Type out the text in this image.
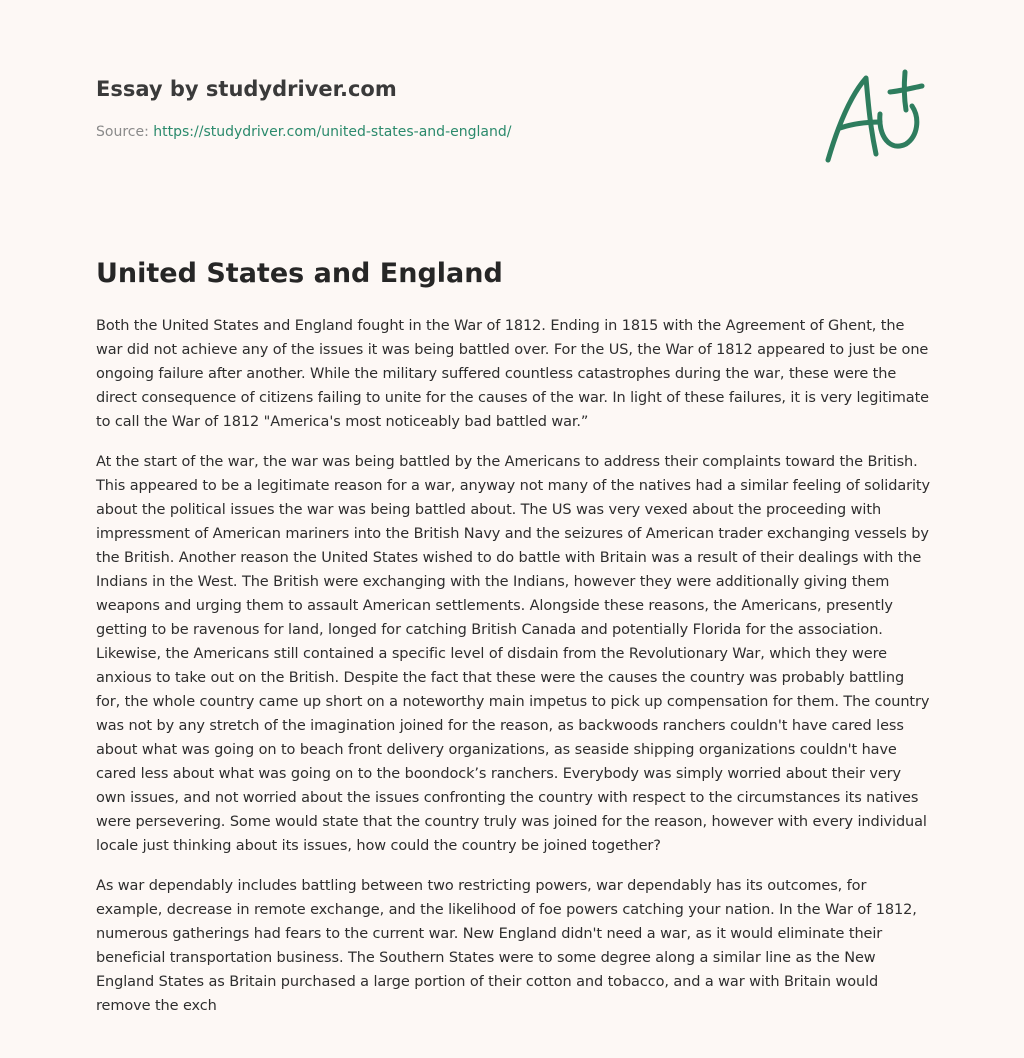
Essay by studydriver.com
Source: https://studydriver.com/united-states-and-england/
United States and England

Both the United States and England fought in the War of 1812. Ending in 1815 with the Agreement of Ghent, the war did not achieve any of the issues it was being battled over. For the US, the War of 1812 appeared to just be one ongoing failure after another. While the military suffered countless catastrophes during the war, these were the direct consequence of citizens failing to unite for the causes of the war. In light of these failures, it is very legitimate to call the War of 1812 "America's most noticeably bad battled war.”

At the start of the war, the war was being battled by the Americans to address their complaints toward the British. This appeared to be a legitimate reason for a war, anyway not many of the natives had a similar feeling of solidarity about the political issues the war was being battled about. The US was very vexed about the proceeding with impressment of American mariners into the British Navy and the seizures of American trader exchanging vessels by the British. Another reason the United States wished to do battle with Britain was a result of their dealings with the Indians in the West. The British were exchanging with the Indians, however they were additionally giving them weapons and urging them to assault American settlements. Alongside these reasons, the Americans, presently getting to be ravenous for land, longed for catching British Canada and potentially Florida for the association. Likewise, the Americans still contained a specific level of disdain from the Revolutionary War, which they were anxious to take out on the British. Despite the fact that these were the causes the country was probably battling for, the whole country came up short on a noteworthy main impetus to pick up compensation for them. The country was not by any stretch of the imagination joined for the reason, as backwoods ranchers couldn't have cared less about what was going on to beach front delivery organizations, as seaside shipping organizations couldn't have cared less about what was going on to the boondock’s ranchers. Everybody was simply worried about their very own issues, and not worried about the issues confronting the country with respect to the circumstances its natives were persevering. Some would state that the country truly was joined for the reason, however with every individual locale just thinking about its issues, how could the country be joined together?

As war dependably includes battling between two restricting powers, war dependably has its outcomes, for example, decrease in remote exchange, and the likelihood of foe powers catching your nation. In the War of 1812, numerous gatherings had fears to the current war. New England didn't need a war, as it would eliminate their beneficial transportation business. The Southern States were to some degree along a similar line as the New England States as Britain purchased a large portion of their cotton and tobacco, and a war with Britain would remove the exch
